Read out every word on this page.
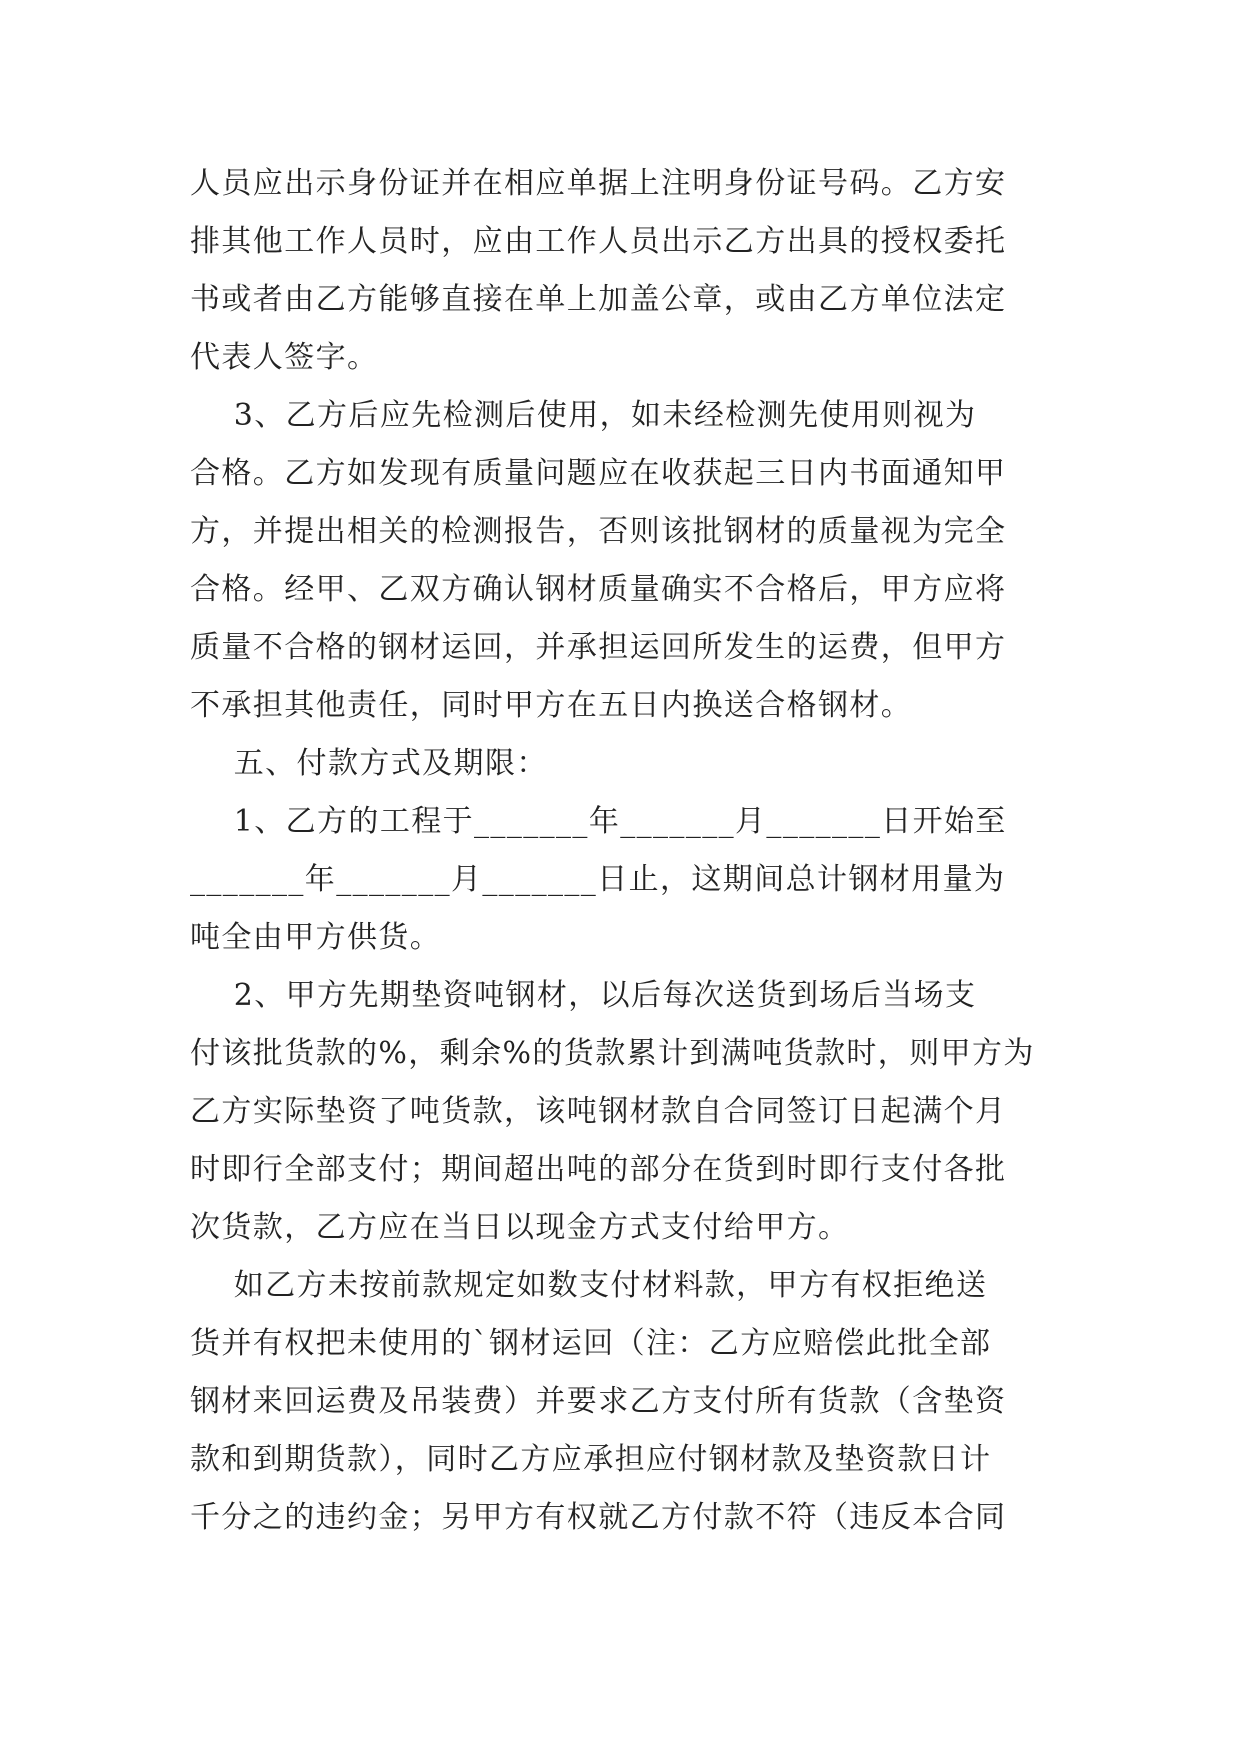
人员应出示身份证并在相应单据上注明身份证号码。乙方安
排其他工作人员时，应由工作人员出示乙方出具的授权委托
书或者由乙方能够直接在单上加盖公章，或由乙方单位法定
代表人签字。
3、乙方后应先检测后使用，如未经检测先使用则视为
合格。乙方如发现有质量问题应在收获起三日内书面通知甲
方，并提出相关的检测报告，否则该批钢材的质量视为完全
合格。经甲、乙双方确认钢材质量确实不合格后，甲方应将
质量不合格的钢材运回，并承担运回所发生的运费，但甲方
不承担其他责任，同时甲方在五日内换送合格钢材。
五、付款方式及期限：
1、乙方的工程于_______年_______月_______日开始至
_______年_______月_______日止，这期间总计钢材用量为
吨全由甲方供货。
2、甲方先期垫资吨钢材，以后每次送货到场后当场支
付该批货款的%，剩余%的货款累计到满吨货款时，则甲方为
乙方实际垫资了吨货款，该吨钢材款自合同签订日起满个月
时即行全部支付；期间超出吨的部分在货到时即行支付各批
次货款，乙方应在当日以现金方式支付给甲方。
如乙方未按前款规定如数支付材料款，甲方有权拒绝送
货并有权把未使用的`钢材运回（注：乙方应赔偿此批全部
钢材来回运费及吊装费）并要求乙方支付所有货款（含垫资
款和到期货款），同时乙方应承担应付钢材款及垫资款日计
千分之的违约金；另甲方有权就乙方付款不符（违反本合同
